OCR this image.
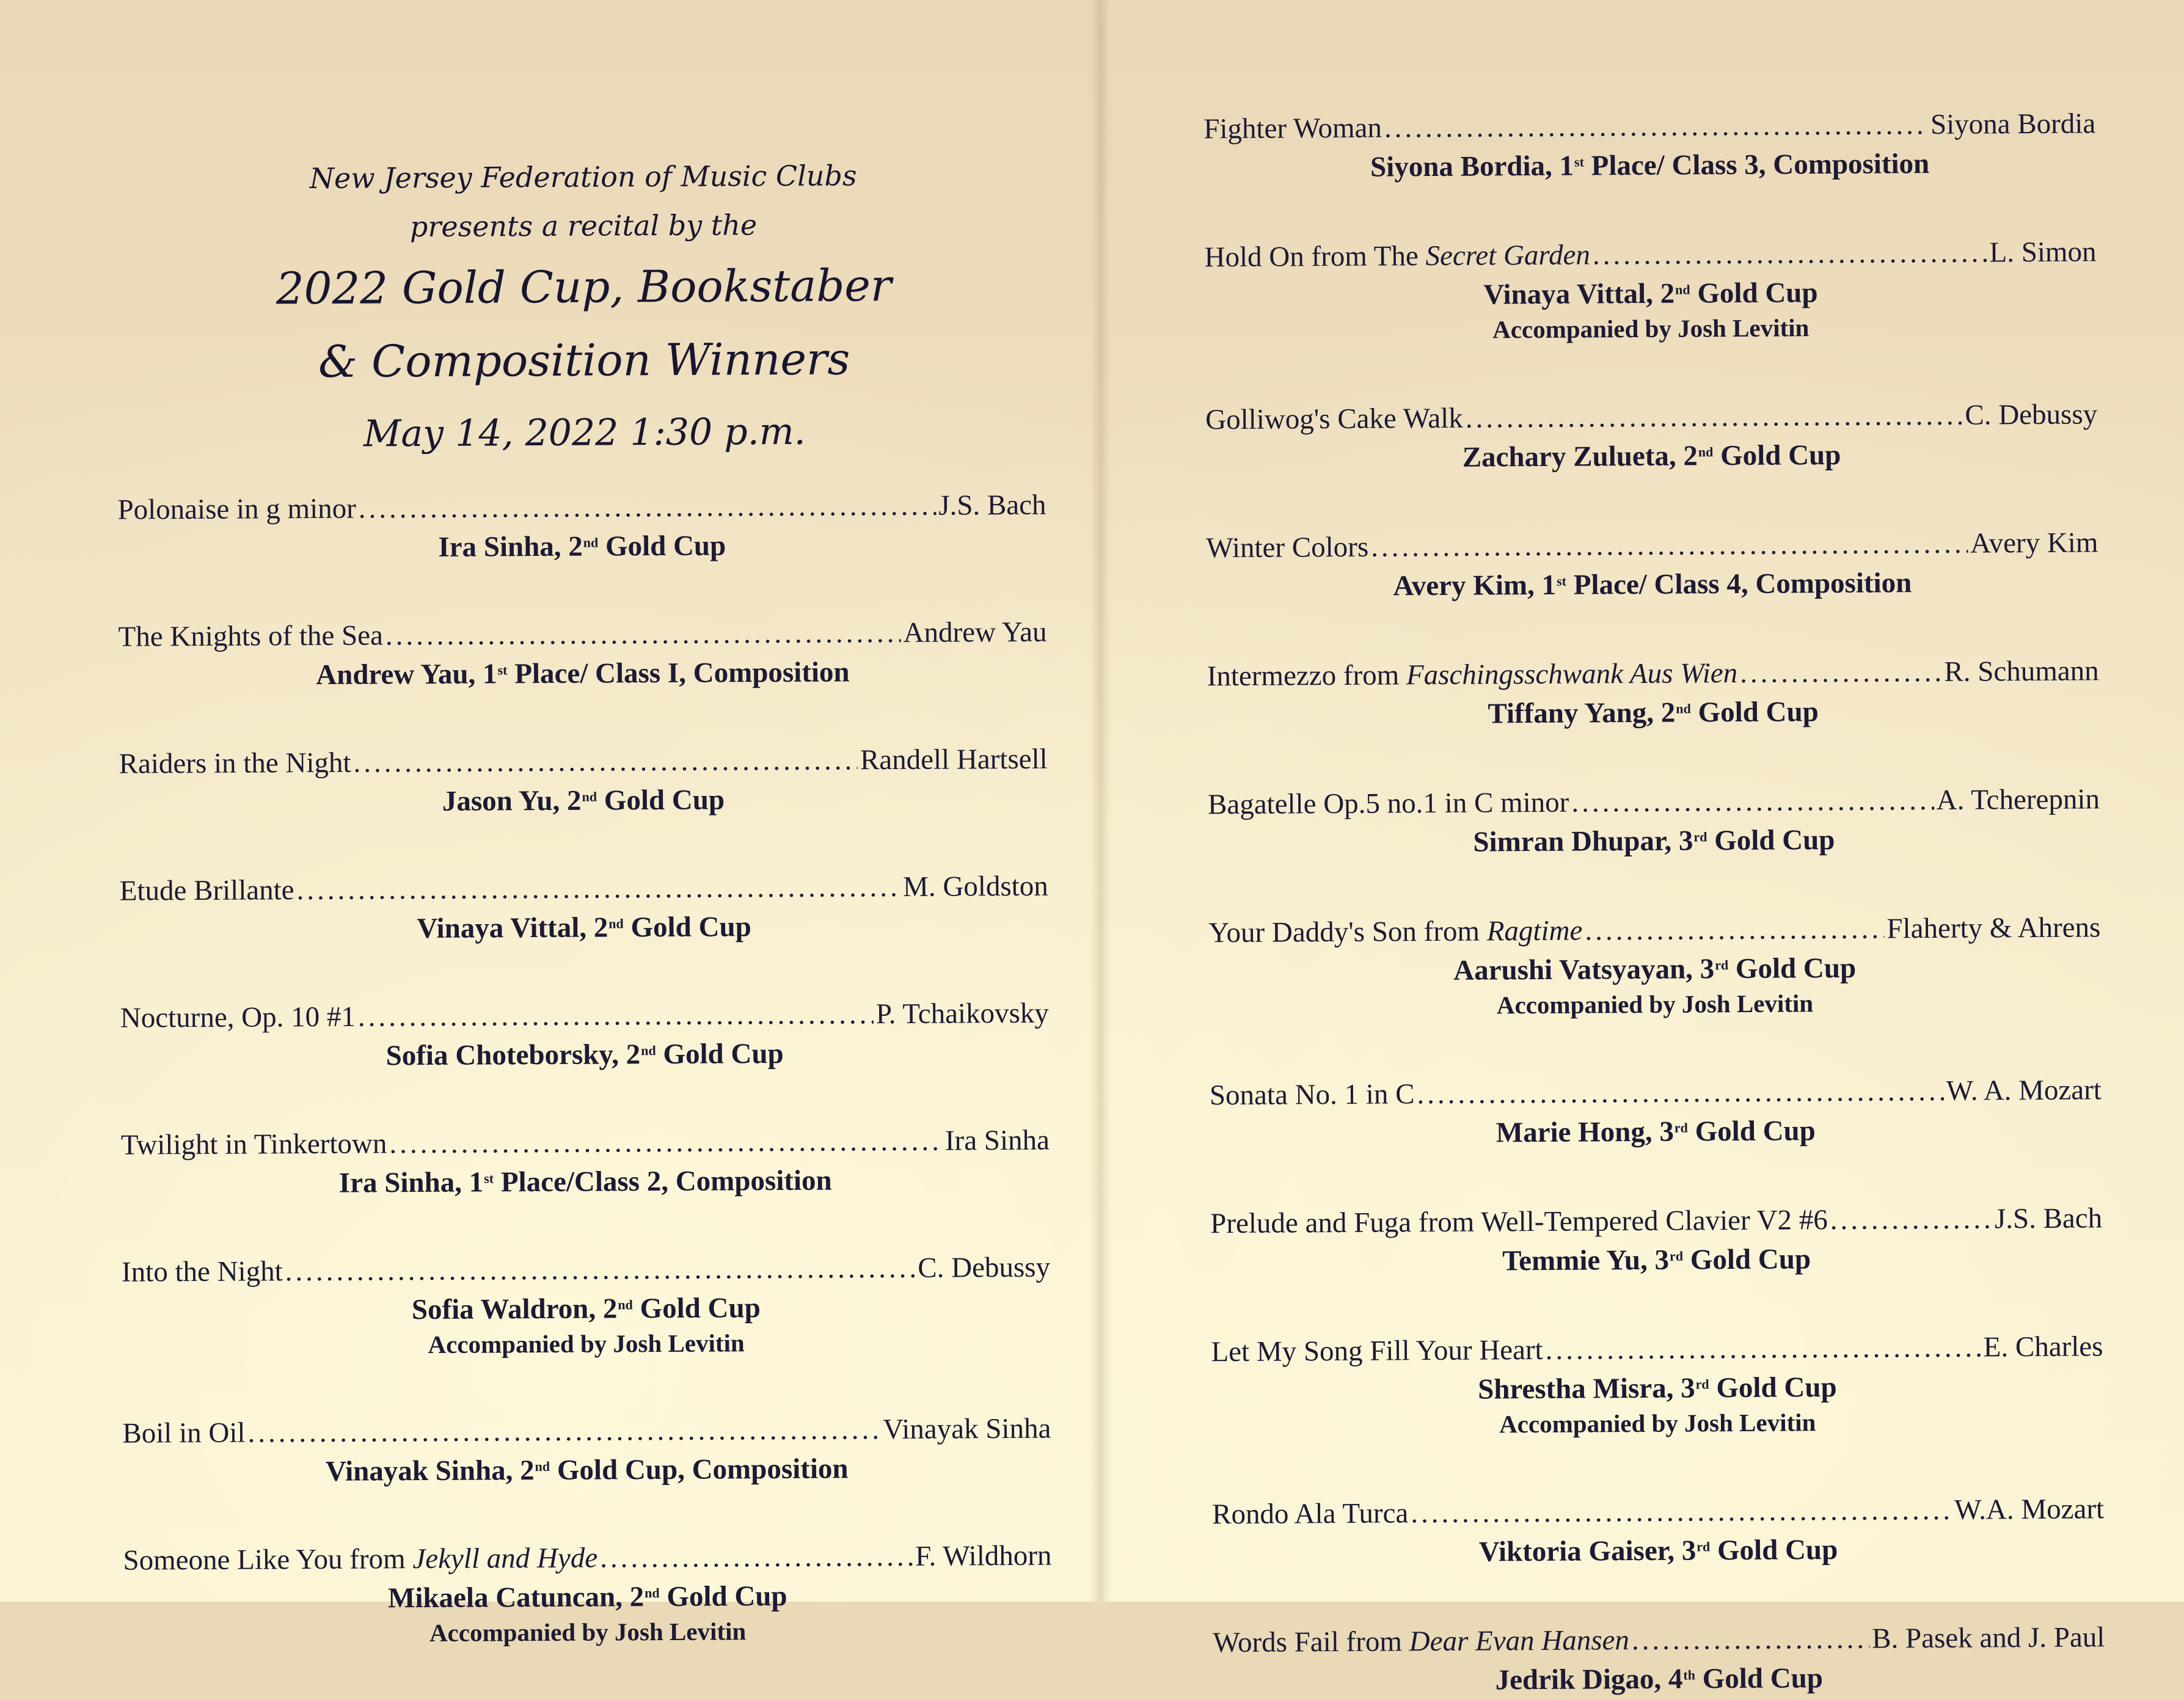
New Jersey Federation of Music Clubs
presents a recital by the
2022 Gold Cup, Bookstaber
& Composition Winners
May 14, 2022 1:30 p.m.
Polonaise in g minor .....	J.S. Bach
Ira Sinha, 2nd Gold Cup
The Knights of the Sea .....	Andrew Yau
Andrew Yau, 1st Place/ Class I, Composition
Raiders in the Night .....	Randell Hartsell
Jason Yu, 2nd Gold Cup
Etude Brillante .....	M. Goldston
Vinaya Vittal, 2nd Gold Cup
Nocturne, Op. 10 #1 .....	P. Tchaikovsky
Sofia Choteborsky, 2nd Gold Cup
Twilight in Tinkertown .....	Ira Sinha
Ira Sinha, 1st Place/Class 2, Composition
Into the Night .....	C. Debussy
Sofia Waldron, 2nd Gold Cup
Accompanied by Josh Levitin
Boil in Oil .....	Vinayak Sinha
Vinayak Sinha, 2nd Gold Cup, Composition
Someone Like You from Jekyll and Hyde .....	F. Wildhorn
Mikaela Catuncan, 2nd Gold Cup
Accompanied by Josh Levitin
Fighter Woman .....	Siyona Bordia
Siyona Bordia, 1st Place/ Class 3, Composition
Hold On from The Secret Garden .....	L. Simon
Vinaya Vittal, 2nd Gold Cup
Accompanied by Josh Levitin
Golliwog's Cake Walk .....	C. Debussy
Zachary Zulueta, 2nd Gold Cup
Winter Colors .....	Avery Kim
Avery Kim, 1st Place/ Class 4, Composition
Intermezzo from Faschingsschwank Aus Wien .....	R. Schumann
Tiffany Yang, 2nd Gold Cup
Bagatelle Op.5 no.1 in C minor .....	A. Tcherepnin
Simran Dhupar, 3rd Gold Cup
Your Daddy's Son from Ragtime .....	Flaherty & Ahrens
Aarushi Vatsyayan, 3rd Gold Cup
Accompanied by Josh Levitin
Sonata No. 1 in C .....	W. A. Mozart
Marie Hong, 3rd Gold Cup
Prelude and Fuga from Well-Tempered Clavier V2 #6 .....	J.S. Bach
Temmie Yu, 3rd Gold Cup
Let My Song Fill Your Heart .....	E. Charles
Shrestha Misra, 3rd Gold Cup
Accompanied by Josh Levitin
Rondo Ala Turca .....	W.A. Mozart
Viktoria Gaiser, 3rd Gold Cup
Words Fail from Dear Evan Hansen .....	B. Pasek and J. Paul
Jedrik Digao, 4th Gold Cup
